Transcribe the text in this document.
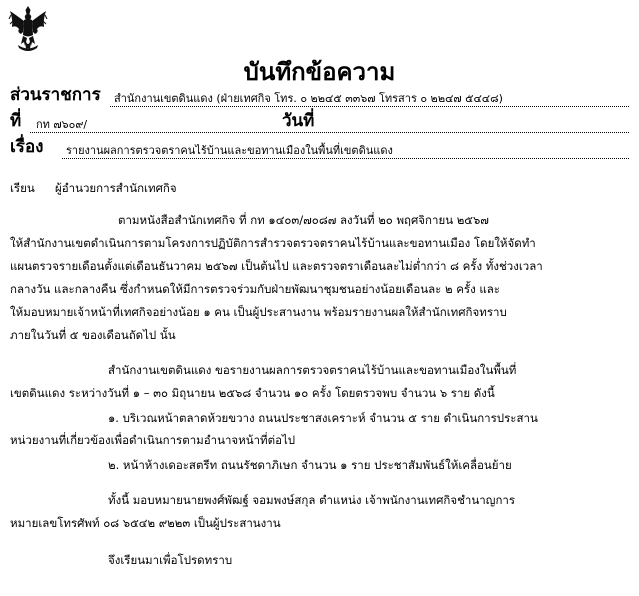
บันทึกข้อความ
ส่วนราชการ สำนักงานเขตดินแดง (ฝ่ายเทศกิจ โทร. ๐ ๒๒๔๕ ๓๓๖๗ โทรสาร ๐ ๒๒๔๗ ๕๔๔๘)
ที่ กท ๗๖๐๙/	วันที่
เรื่อง รายงานผลการตรวจตราคนไร้บ้านและขอทานเมืองในพื้นที่เขตดินแดง
เรียน ผู้อำนวยการสำนักเทศกิจ
ตามหนังสือสำนักเทศกิจ ที่ กท ๑๔๐๓/๗๐๘๗ ลงวันที่ ๒๐ พฤศจิกายน ๒๕๖๗
ให้สำนักงานเขตดำเนินการตามโครงการปฏิบัติการสำรวจตรวจตราคนไร้บ้านและขอทานเมือง โดยให้จัดทำ
แผนตรวจรายเดือนตั้งแต่เดือนธันวาคม ๒๕๖๗ เป็นต้นไป และตรวจตราเดือนละไม่ต่ำกว่า ๘ ครั้ง ทั้งช่วงเวลา
กลางวัน และกลางคืน ซึ่งกำหนดให้มีการตรวจร่วมกับฝ่ายพัฒนาชุมชนอย่างน้อยเดือนละ ๒ ครั้ง และ
ให้มอบหมายเจ้าหน้าที่เทศกิจอย่างน้อย ๑ คน เป็นผู้ประสานงาน พร้อมรายงานผลให้สำนักเทศกิจทราบ
ภายในวันที่ ๕ ของเดือนถัดไป นั้น
สำนักงานเขตดินแดง ขอรายงานผลการตรวจตราคนไร้บ้านและขอทานเมืองในพื้นที่
เขตดินแดง ระหว่างวันที่ ๑ – ๓๐ มิถุนายน ๒๕๖๘ จำนวน ๑๐ ครั้ง โดยตรวจพบ จำนวน ๖ ราย ดังนี้
๑. บริเวณหน้าตลาดห้วยขวาง ถนนประชาสงเคราะห์ จำนวน ๕ ราย ดำเนินการประสาน
หน่วยงานที่เกี่ยวข้องเพื่อดำเนินการตามอำนาจหน้าที่ต่อไป
๒. หน้าห้างเดอะสตรีท ถนนรัชดาภิเษก จำนวน ๑ ราย ประชาสัมพันธ์ให้เคลื่อนย้าย
ทั้งนี้ มอบหมายนายพงศ์พัฒฐ์ จอมพงษ์สกุล ตำแหน่ง เจ้าพนักงานเทศกิจชำนาญการ
หมายเลขโทรศัพท์ ๐๘ ๖๕๔๒ ๙๒๒๓ เป็นผู้ประสานงาน
จึงเรียนมาเพื่อโปรดทราบ
